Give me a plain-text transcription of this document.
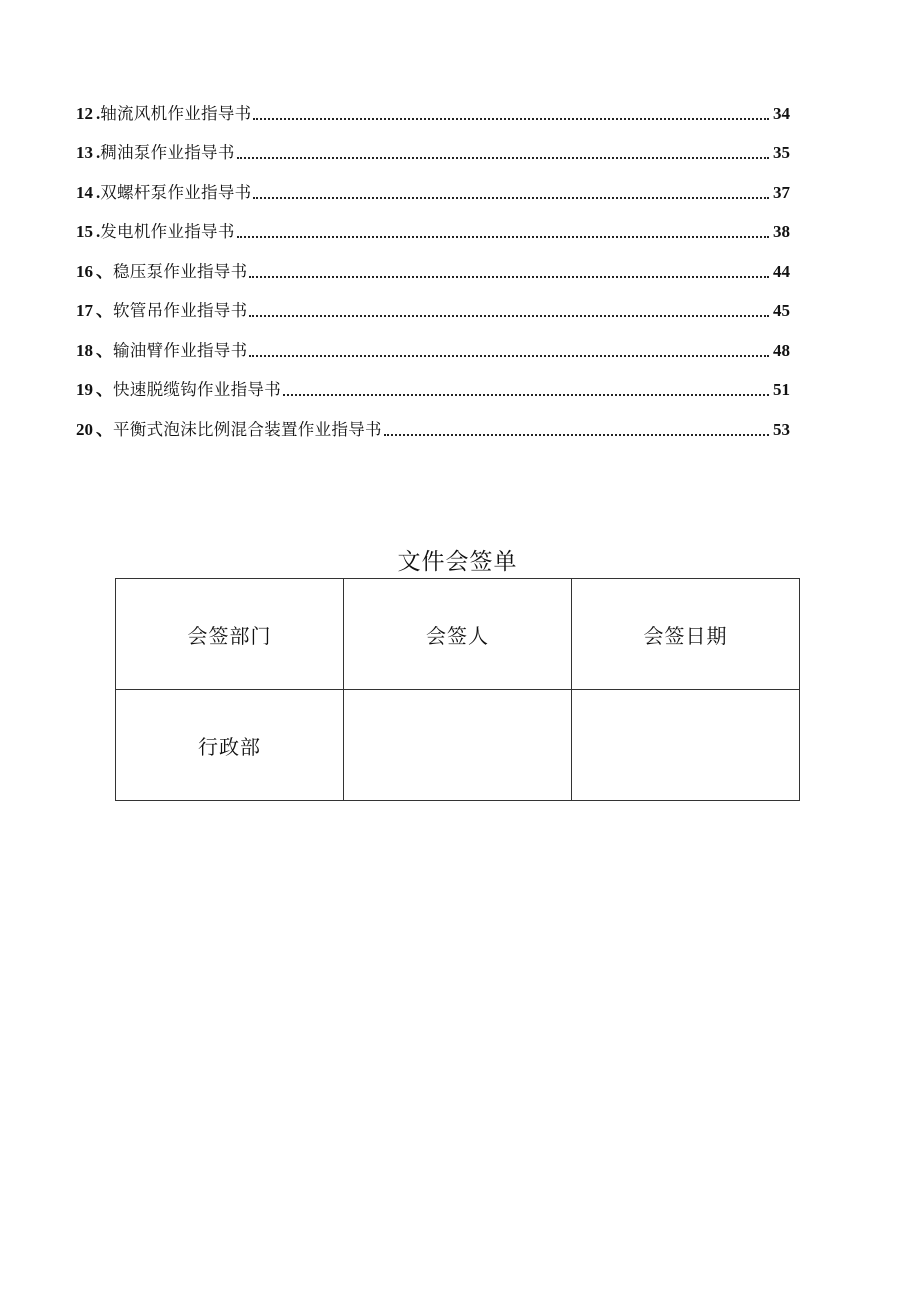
12 . 轴流风机作业指导书	34
13 . 稠油泵作业指导书	35
14 . 双螺杆泵作业指导书	37
15 . 发电机作业指导书	38
16 、 稳压泵作业指导书	44
17 、 软管吊作业指导书	45
18 、 输油臂作业指导书	48
19 、 快速脱缆钩作业指导书	51
20 、 平衡式泡沫比例混合装置作业指导书	53
文件会签单
会签部门	会签人	会签日期
行政部		
